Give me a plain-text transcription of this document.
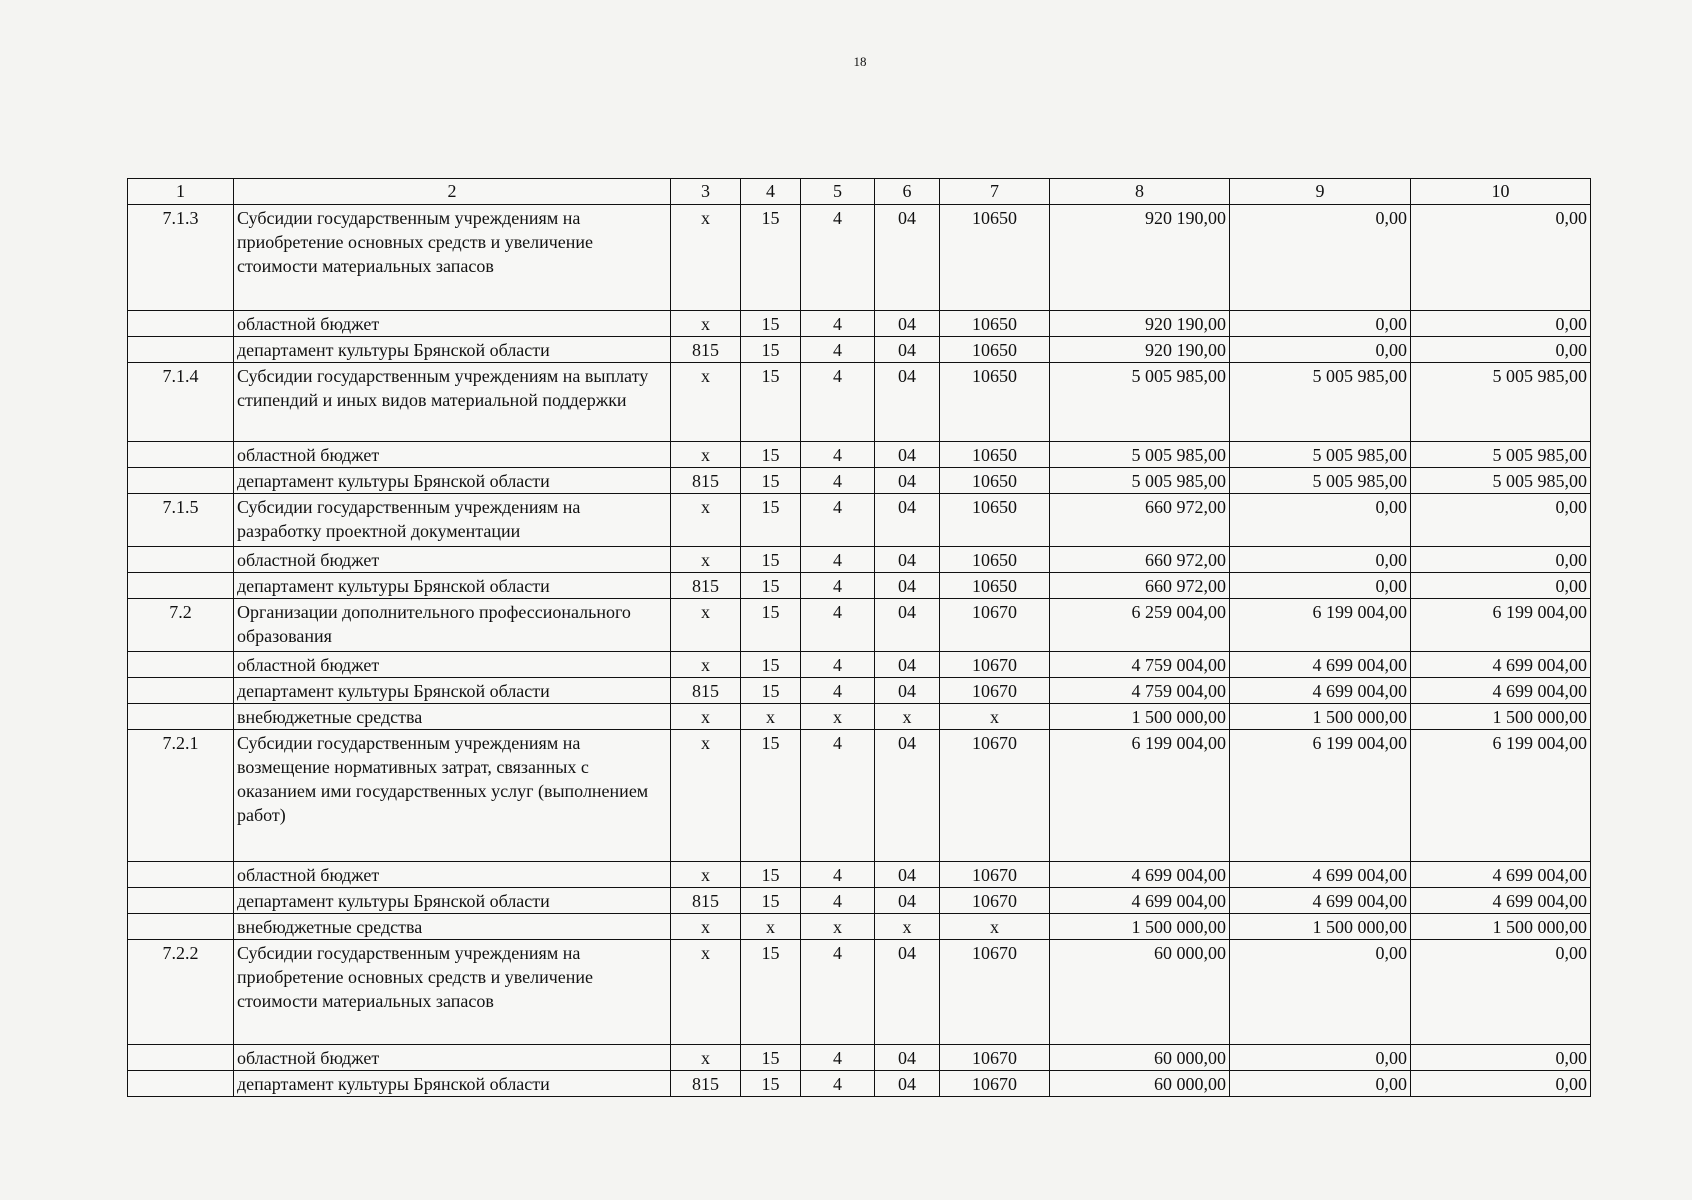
18
1	2	3	4	5	6	7	8	9	10
7.1.3	Субсидии государственным учреждениям на приобретение основных средств и увеличение стоимости материальных запасов	х	15	4	04	10650	920 190,00	0,00	0,00
	областной бюджет	х	15	4	04	10650	920 190,00	0,00	0,00
	департамент культуры Брянской области	815	15	4	04	10650	920 190,00	0,00	0,00
7.1.4	Субсидии государственным учреждениям на выплату стипендий и иных видов материальной поддержки	х	15	4	04	10650	5 005 985,00	5 005 985,00	5 005 985,00
	областной бюджет	х	15	4	04	10650	5 005 985,00	5 005 985,00	5 005 985,00
	департамент культуры Брянской области	815	15	4	04	10650	5 005 985,00	5 005 985,00	5 005 985,00
7.1.5	Субсидии государственным учреждениям на разработку проектной документации	х	15	4	04	10650	660 972,00	0,00	0,00
	областной бюджет	х	15	4	04	10650	660 972,00	0,00	0,00
	департамент культуры Брянской области	815	15	4	04	10650	660 972,00	0,00	0,00
7.2	Организации дополнительного профессионального образования	х	15	4	04	10670	6 259 004,00	6 199 004,00	6 199 004,00
	областной бюджет	х	15	4	04	10670	4 759 004,00	4 699 004,00	4 699 004,00
	департамент культуры Брянской области	815	15	4	04	10670	4 759 004,00	4 699 004,00	4 699 004,00
	внебюджетные средства	х	х	х	х	х	1 500 000,00	1 500 000,00	1 500 000,00
7.2.1	Субсидии государственным учреждениям на возмещение нормативных затрат, связанных с оказанием ими государственных услуг (выполнением работ)	х	15	4	04	10670	6 199 004,00	6 199 004,00	6 199 004,00
	областной бюджет	х	15	4	04	10670	4 699 004,00	4 699 004,00	4 699 004,00
	департамент культуры Брянской области	815	15	4	04	10670	4 699 004,00	4 699 004,00	4 699 004,00
	внебюджетные средства	х	х	х	х	х	1 500 000,00	1 500 000,00	1 500 000,00
7.2.2	Субсидии государственным учреждениям на приобретение основных средств и увеличение стоимости материальных запасов	х	15	4	04	10670	60 000,00	0,00	0,00
	областной бюджет	х	15	4	04	10670	60 000,00	0,00	0,00
	департамент культуры Брянской области	815	15	4	04	10670	60 000,00	0,00	0,00
